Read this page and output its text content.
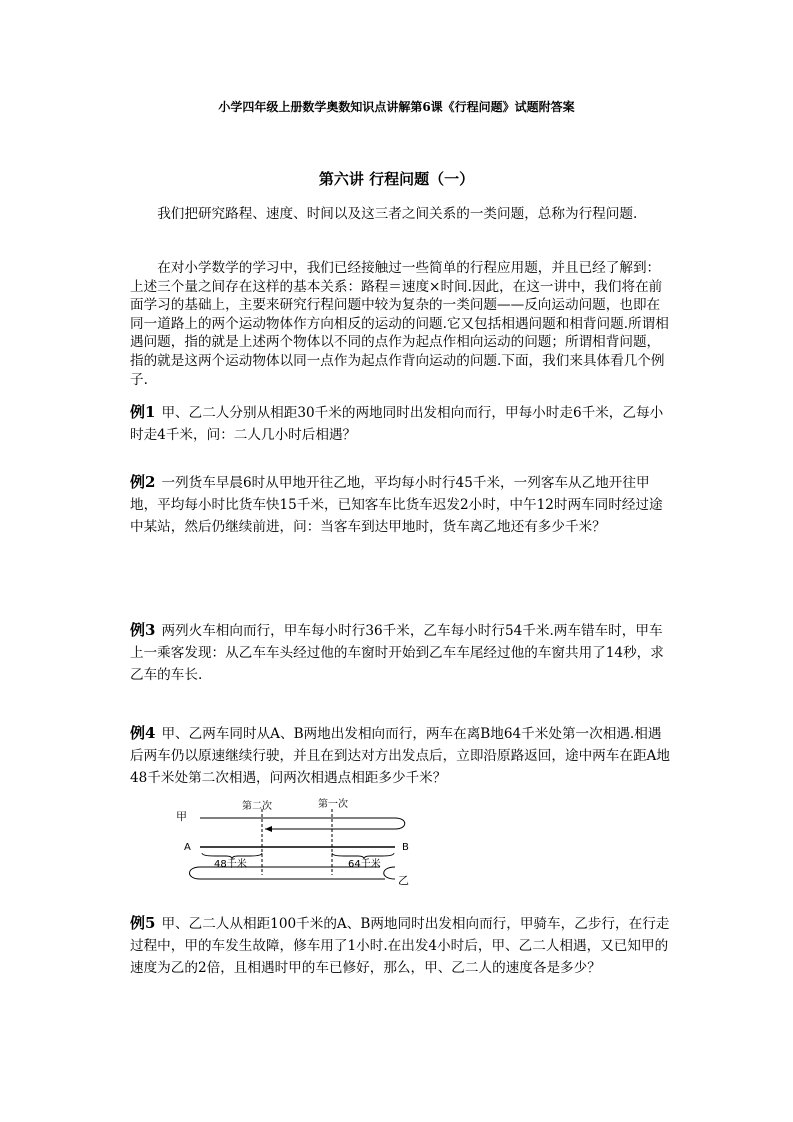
小学四年级上册数学奥数知识点讲解第6课《行程问题》试题附答案
第六讲 行程问题（一）

我们把研究路程、速度、时间以及这三者之间关系的一类问题，总称为行程问题.

在对小学数学的学习中，我们已经接触过一些简单的行程应用题，并且已经了解到：上述三个量之间存在这样的基本关系：路程＝速度×时间.因此，在这一讲中，我们将在前面学习的基础上，主要来研究行程问题中较为复杂的一类问题——反向运动问题，也即在同一道路上的两个运动物体作方向相反的运动的问题.它又包括相遇问题和相背问题.所谓相遇问题，指的就是上述两个物体以不同的点作为起点作相向运动的问题；所谓相背问题，指的就是这两个运动物体以同一点作为起点作背向运动的问题.下面，我们来具体看几个例子.

例1 甲、乙二人分别从相距30千米的两地同时出发相向而行，甲每小时走6千米，乙每小时走4千米，问：二人几小时后相遇？

例2 一列货车早晨6时从甲地开往乙地，平均每小时行45千米，一列客车从乙地开往甲地，平均每小时比货车快15千米，已知客车比货车迟发2小时，中午12时两车同时经过途中某站，然后仍继续前进，问：当客车到达甲地时，货车离乙地还有多少千米？

例3 两列火车相向而行，甲车每小时行36千米，乙车每小时行54千米.两车错车时，甲车上一乘客发现：从乙车车头经过他的车窗时开始到乙车车尾经过他的车窗共用了14秒，求乙车的车长.

例4 甲、乙两车同时从A、B两地出发相向而行，两车在离B地64千米处第一次相遇.相遇后两车仍以原速继续行驶，并且在到达对方出发点后，立即沿原路返回，途中两车在距A地48千米处第二次相遇，问两次相遇点相距多少千米？

甲
第二次	第一次
A	B
48千米	64千米
乙

例5 甲、乙二人从相距100千米的A、B两地同时出发相向而行，甲骑车，乙步行，在行走过程中，甲的车发生故障，修车用了1小时.在出发4小时后，甲、乙二人相遇，又已知甲的速度为乙的2倍，且相遇时甲的车已修好，那么，甲、乙二人的速度各是多少？
